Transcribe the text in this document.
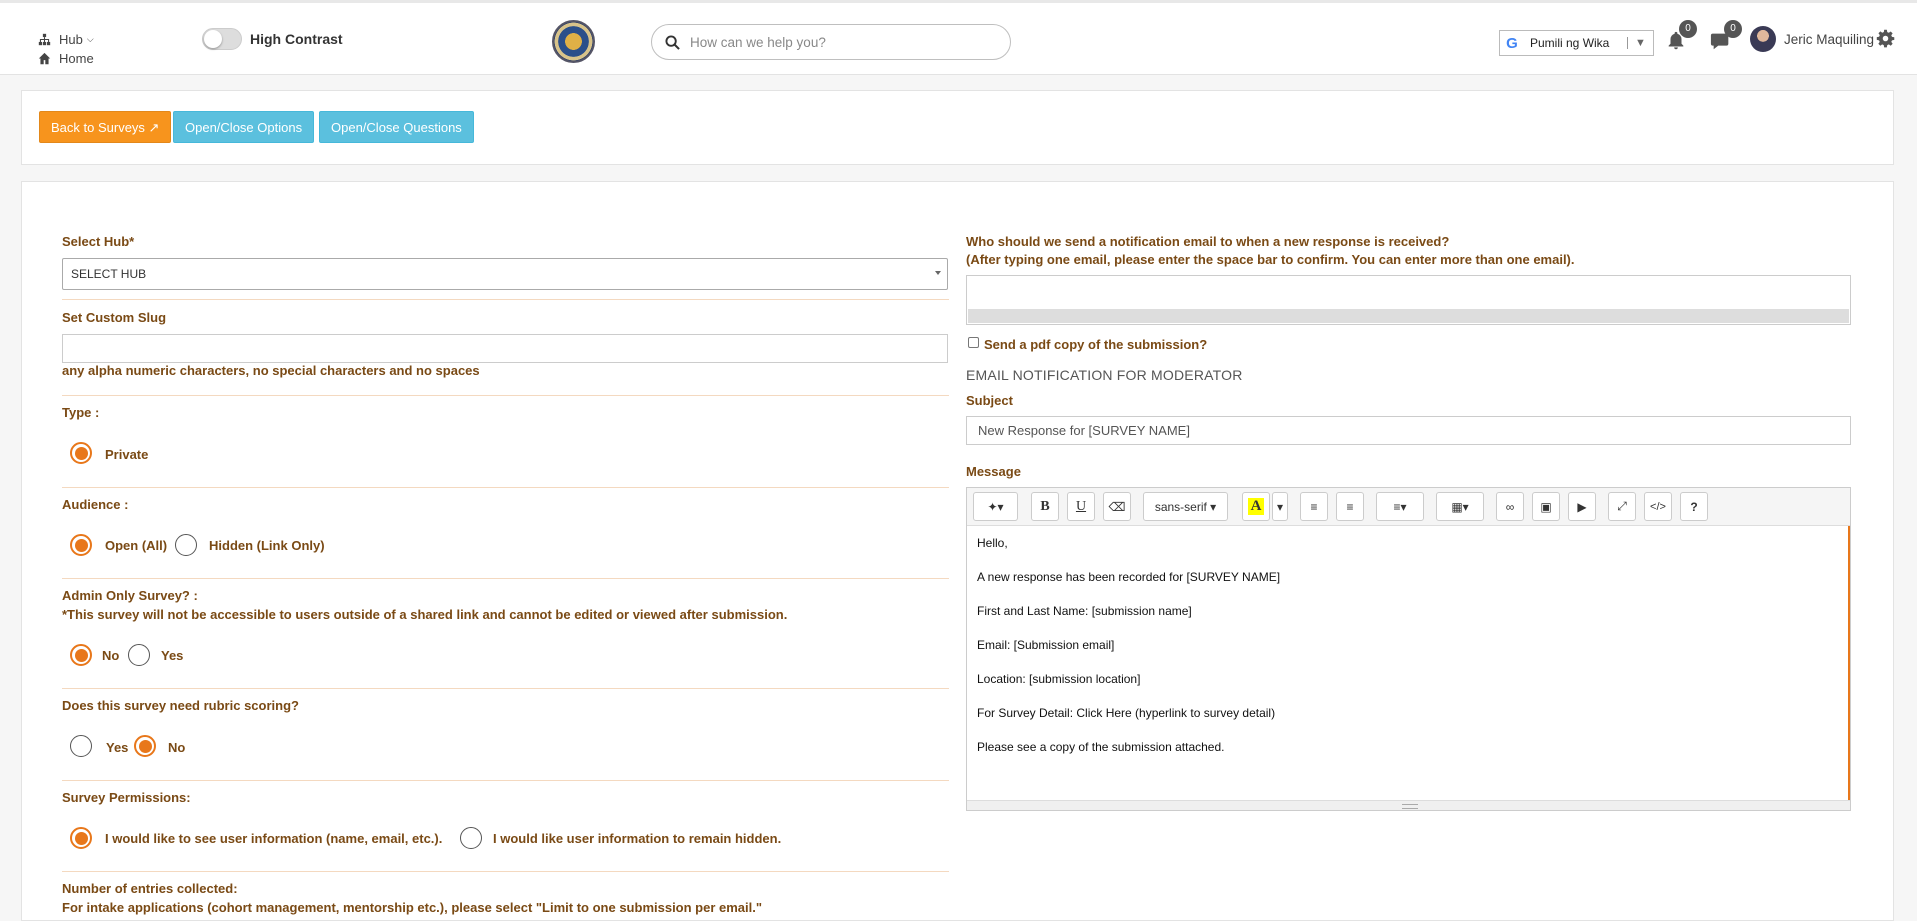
Hub ⌵
Home
High Contrast
How can we help you?	G	Pumili ng Wika	▼
0	0
Jeric Maquiling
Back to Surveys ↗	Open/Close Options	Open/Close Questions
Select Hub*
SELECT HUB
Set Custom Slug
any alpha numeric characters, no special characters and no spaces
Type :
Private
Audience :
Open (All)	Hidden (Link Only)
Admin Only Survey? :
*This survey will not be accessible to users outside of a shared link and cannot be edited or viewed after submission.
No	Yes
Does this survey need rubric scoring?
Yes	No
Survey Permissions:
I would like to see user information (name, email, etc.).	I would like user information to remain hidden.
Number of entries collected:
For intake applications (cohort management, mentorship etc.), please select "Limit to one submission per email."
Who should we send a notification email to when a new response is received?
(After typing one email, please enter the space bar to confirm. You can enter more than one email).
Send a pdf copy of the submission?
EMAIL NOTIFICATION FOR MODERATOR
Subject
New Response for [SURVEY NAME]
Message
✦▾	B U ⌫ sans-serif ▾ A ▾ ≡ ≡	≡▾	▦▾	∞ ▣ ▶	⤢ </> ?

Hello,

A new response has been recorded for [SURVEY NAME]

First and Last Name: [submission name]

Email: [Submission email]

Location: [submission location]

For Survey Detail: Click Here (hyperlink to survey detail)

Please see a copy of the submission attached.
